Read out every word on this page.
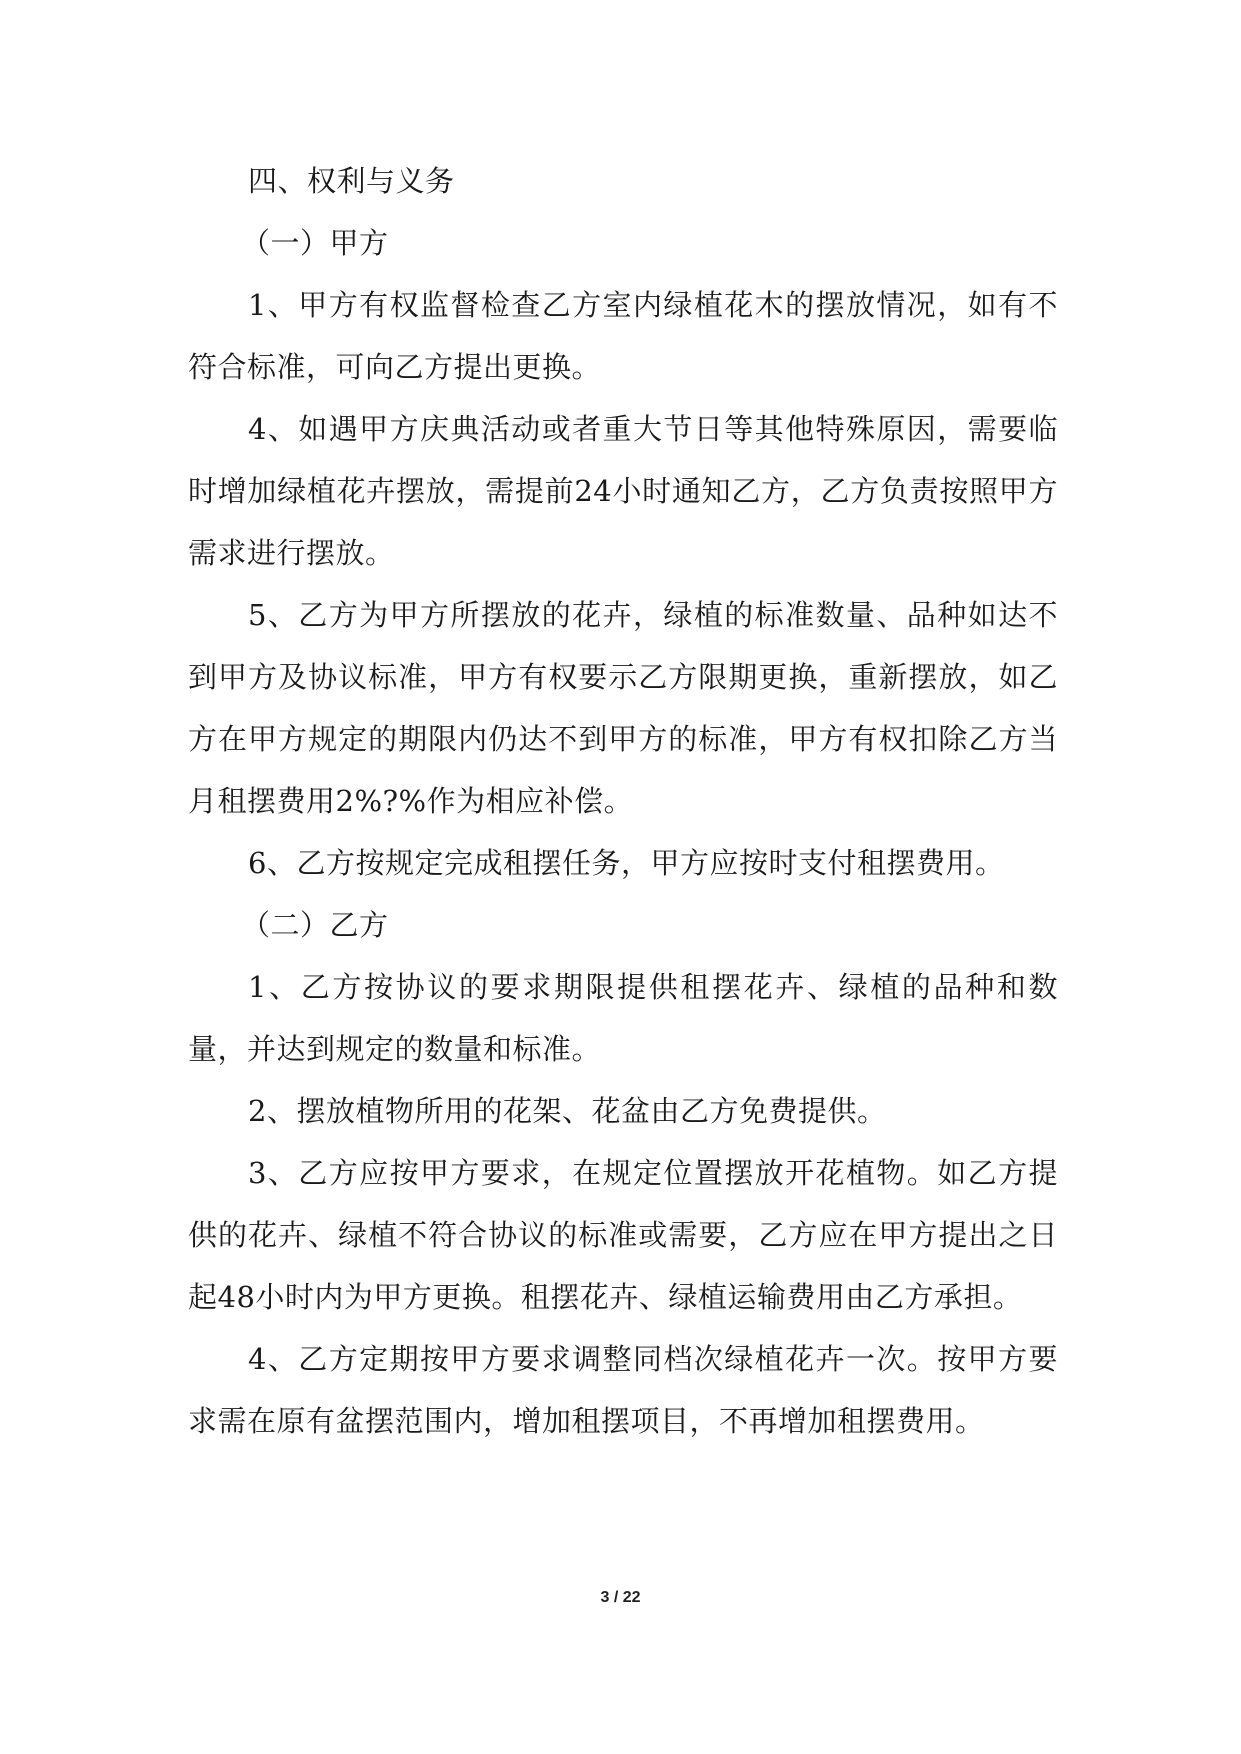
四、权利与义务

（一）甲方

1、甲方有权监督检查乙方室内绿植花木的摆放情况，如有不符合标准，可向乙方提出更换。

4、如遇甲方庆典活动或者重大节日等其他特殊原因，需要临时增加绿植花卉摆放，需提前24小时通知乙方，乙方负责按照甲方需求进行摆放。

5、乙方为甲方所摆放的花卉，绿植的标准数量、品种如达不到甲方及协议标准，甲方有权要示乙方限期更换，重新摆放，如乙方在甲方规定的期限内仍达不到甲方的标准，甲方有权扣除乙方当月租摆费用2%?%作为相应补偿。

6、乙方按规定完成租摆任务，甲方应按时支付租摆费用。

（二）乙方

1、乙方按协议的要求期限提供租摆花卉、绿植的品种和数量，并达到规定的数量和标准。

2、摆放植物所用的花架、花盆由乙方免费提供。

3、乙方应按甲方要求，在规定位置摆放开花植物。如乙方提供的花卉、绿植不符合协议的标准或需要，乙方应在甲方提出之日起48小时内为甲方更换。租摆花卉、绿植运输费用由乙方承担。

4、乙方定期按甲方要求调整同档次绿植花卉一次。按甲方要求需在原有盆摆范围内，增加租摆项目，不再增加租摆费用。

3 / 22
